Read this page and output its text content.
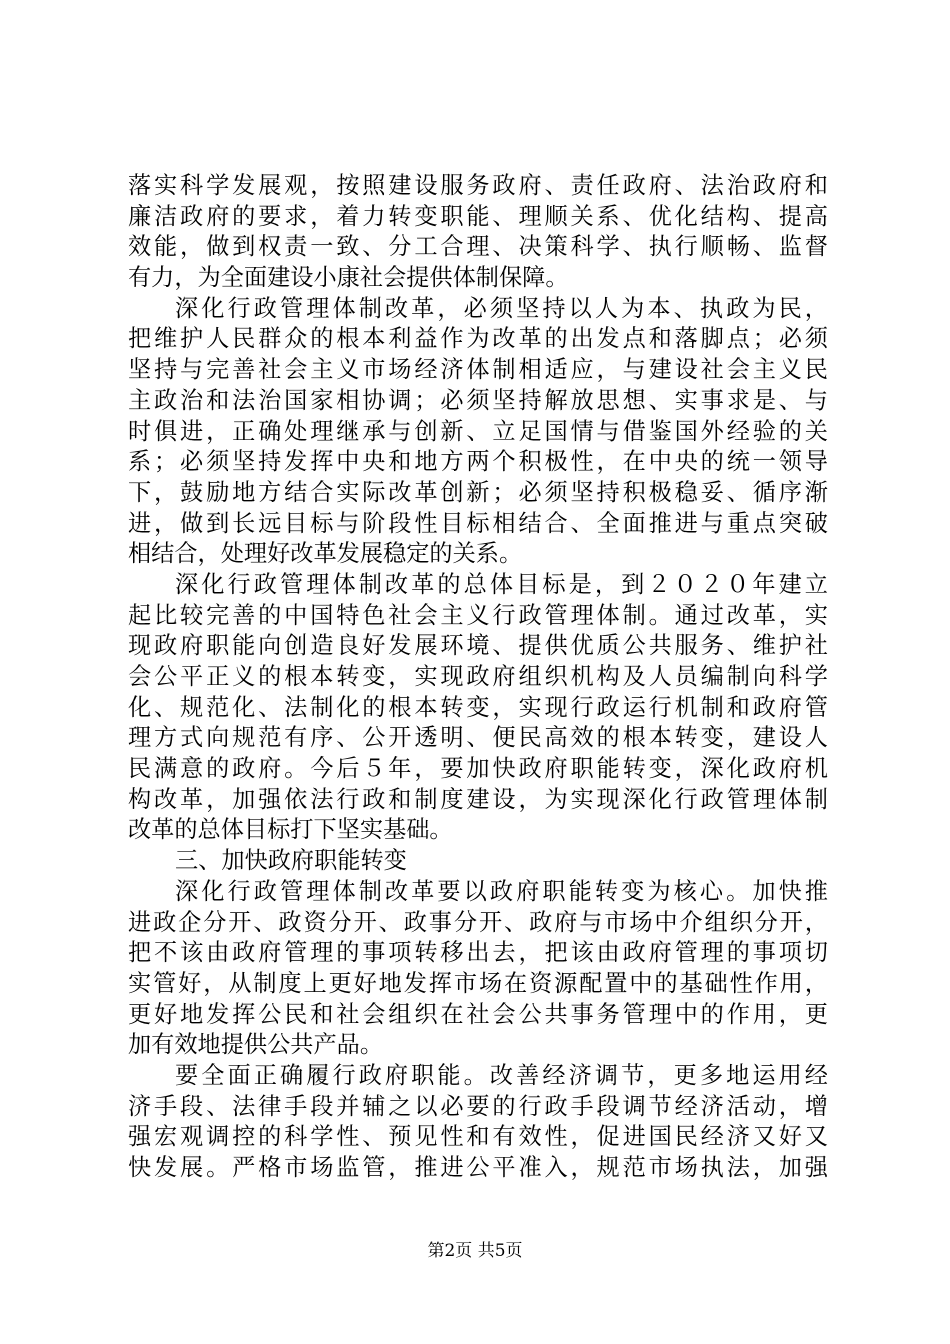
落实科学发展观，按照建设服务政府、责任政府、法治政府和
廉洁政府的要求，着力转变职能、理顺关系、优化结构、提高
效能，做到权责一致、分工合理、决策科学、执行顺畅、监督
有力，为全面建设小康社会提供体制保障。
深化行政管理体制改革，必须坚持以人为本、执政为民，
把维护人民群众的根本利益作为改革的出发点和落脚点；必须
坚持与完善社会主义市场经济体制相适应，与建设社会主义民
主政治和法治国家相协调；必须坚持解放思想、实事求是、与
时俱进，正确处理继承与创新、立足国情与借鉴国外经验的关
系；必须坚持发挥中央和地方两个积极性，在中央的统一领导
下，鼓励地方结合实际改革创新；必须坚持积极稳妥、循序渐
进，做到长远目标与阶段性目标相结合、全面推进与重点突破
相结合，处理好改革发展稳定的关系。
深化行政管理体制改革的总体目标是，到２０２０年建立
起比较完善的中国特色社会主义行政管理体制。通过改革，实
现政府职能向创造良好发展环境、提供优质公共服务、维护社
会公平正义的根本转变，实现政府组织机构及人员编制向科学
化、规范化、法制化的根本转变，实现行政运行机制和政府管
理方式向规范有序、公开透明、便民高效的根本转变，建设人
民满意的政府。今后５年，要加快政府职能转变，深化政府机
构改革，加强依法行政和制度建设，为实现深化行政管理体制
改革的总体目标打下坚实基础。
三、加快政府职能转变
深化行政管理体制改革要以政府职能转变为核心。加快推
进政企分开、政资分开、政事分开、政府与市场中介组织分开，
把不该由政府管理的事项转移出去，把该由政府管理的事项切
实管好，从制度上更好地发挥市场在资源配置中的基础性作用，
更好地发挥公民和社会组织在社会公共事务管理中的作用，更
加有效地提供公共产品。
要全面正确履行政府职能。改善经济调节，更多地运用经
济手段、法律手段并辅之以必要的行政手段调节经济活动，增
强宏观调控的科学性、预见性和有效性，促进国民经济又好又
快发展。严格市场监管，推进公平准入，规范市场执法，加强
第2页 共5页
